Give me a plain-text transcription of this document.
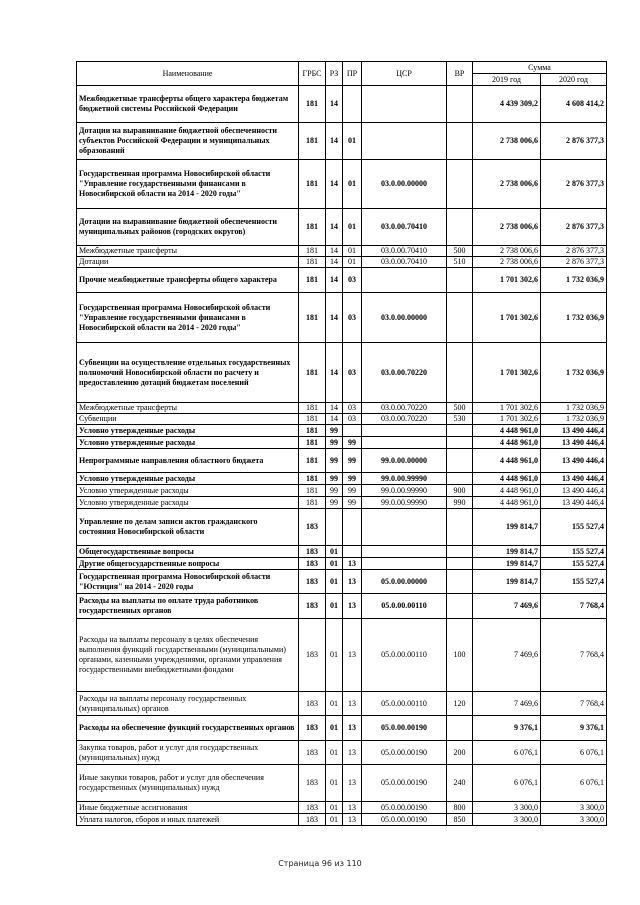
Наименование	ГРБС	РЗ	ПР	ЦСР	ВР	Сумма	
						2019 год	2020 год
Межбюджетные трансферты общего характера бюджетам бюджетной системы Российской Федерации	181	14				4 439 309,2	4 608 414,2
Дотации на выравнивание бюджетной обеспеченности субъектов Российской Федерации и муниципальных образований	181	14	01			2 738 006,6	2 876 377,3
Государственная программа Новосибирской области "Управление государственными финансами в Новосибирской области на 2014 - 2020 годы"	181	14	01	03.0.00.00000		2 738 006,6	2 876 377,3
Дотации на выравнивание бюджетной обеспеченности муниципальных районов (городских округов)	181	14	01	03.0.00.70410		2 738 006,6	2 876 377,3
Межбюджетные трансферты	181	14	01	03.0.00.70410	500	2 738 006,6	2 876 377,3
Дотации	181	14	01	03.0.00.70410	510	2 738 006,6	2 876 377,3
Прочие межбюджетные трансферты общего характера	181	14	03			1 701 302,6	1 732 036,9
Государственная программа Новосибирской области "Управление государственными финансами в Новосибирской области на 2014 - 2020 годы"	181	14	03	03.0.00.00000		1 701 302,6	1 732 036,9
Субвенции на осуществление отдельных государственных полномочий Новосибирской области по расчету и предоставлению дотаций бюджетам поселений	181	14	03	03.0.00.70220		1 701 302,6	1 732 036,9
Межбюджетные трансферты	181	14	03	03.0.00.70220	500	1 701 302,6	1 732 036,9
Субвенции	181	14	03	03.0.00.70220	530	1 701 302,6	1 732 036,9
Условно утвержденные расходы	181	99				4 448 961,0	13 490 446,4
Условно утвержденные расходы	181	99	99			4 448 961,0	13 490 446,4
Непрограммные направления областного бюджета	181	99	99	99.0.00.00000		4 448 961,0	13 490 446,4
Условно утвержденные расходы	181	99	99	99.0.00.99990		4 448 961,0	13 490 446,4
Условно утвержденные расходы	181	99	99	99.0.00.99990	900	4 448 961,0	13 490 446,4
Условно утвержденные расходы	181	99	99	99.0.00.99990	990	4 448 961,0	13 490 446,4
Управление по делам записи актов гражданского состояния Новосибирской области	183					199 814,7	155 527,4
Общегосударственные вопросы	183	01				199 814,7	155 527,4
Другие общегосударственные вопросы	183	01	13			199 814,7	155 527,4
Государственная программа Новосибирской области "Юстиция" на 2014 - 2020 годы	183	01	13	05.0.00.00000		199 814,7	155 527,4
Расходы на выплаты по оплате труда работников государственных органов	183	01	13	05.0.00.00110		7 469,6	7 768,4
Расходы на выплаты персоналу в целях обеспечения выполнения функций государственными (муниципальными) органами, казенными учреждениями, органами управления государственными внебюджетными фондами	183	01	13	05.0.00.00110	100	7 469,6	7 768,4
Расходы на выплаты персоналу государственных (муниципальных) органов	183	01	13	05.0.00.00110	120	7 469,6	7 768,4
Расходы на обеспечение функций государственных органов	183	01	13	05.0.00.00190		9 376,1	9 376,1
Закупка товаров, работ и услуг для государственных (муниципальных) нужд	183	01	13	05.0.00.00190	200	6 076,1	6 076,1
Иные закупки товаров, работ и услуг для обеспечения государственных (муниципальных) нужд	183	01	13	05.0.00.00190	240	6 076,1	6 076,1
Иные бюджетные ассигнования	183	01	13	05.0.00.00190	800	3 300,0	3 300,0
Уплата налогов, сборов и иных платежей	183	01	13	05.0.00.00190	850	3 300,0	3 300,0
Страница 96 из 110
